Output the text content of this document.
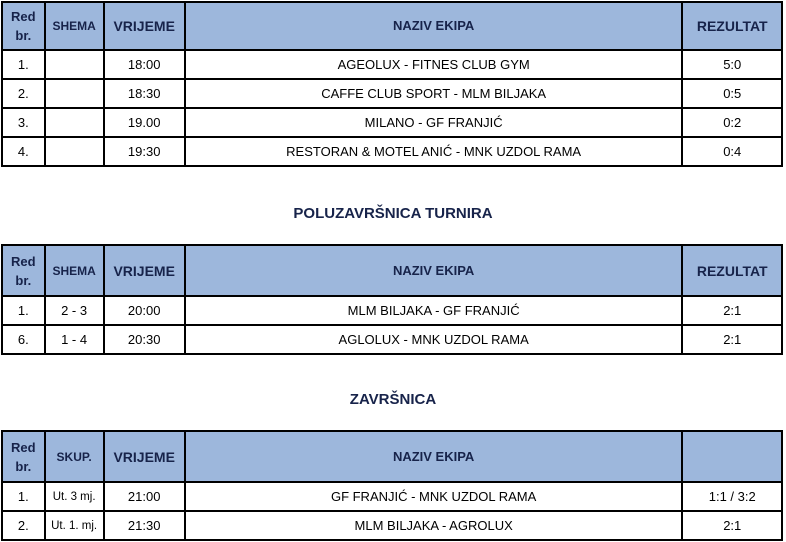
Red br.	SHEMA	VRIJEME	NAZIV EKIPA	REZULTAT
1.		18:00	AGEOLUX - FITNES CLUB GYM	5:0
2.		18:30	CAFFE CLUB SPORT - MLM BILJAKA	0:5
3.		19.00	MILANO - GF FRANJIĆ	0:2
4.		19:30	RESTORAN & MOTEL ANIĆ - MNK UZDOL RAMA	0:4
POLUZAVRŠNICA TURNIRA
Red br.	SHEMA	VRIJEME	NAZIV EKIPA	REZULTAT
1.	2 - 3	20:00	MLM BILJAKA - GF FRANJIĆ	2:1
6.	1 - 4	20:30	AGLOLUX - MNK UZDOL RAMA	2:1
ZAVRŠNICA
Red br.	SKUP.	VRIJEME	NAZIV EKIPA	
1.	Ut. 3 mj.	21:00	GF FRANJIĆ - MNK UZDOL RAMA	1:1 / 3:2
2.	Ut. 1. mj.	21:30	MLM BILJAKA - AGROLUX	2:1
